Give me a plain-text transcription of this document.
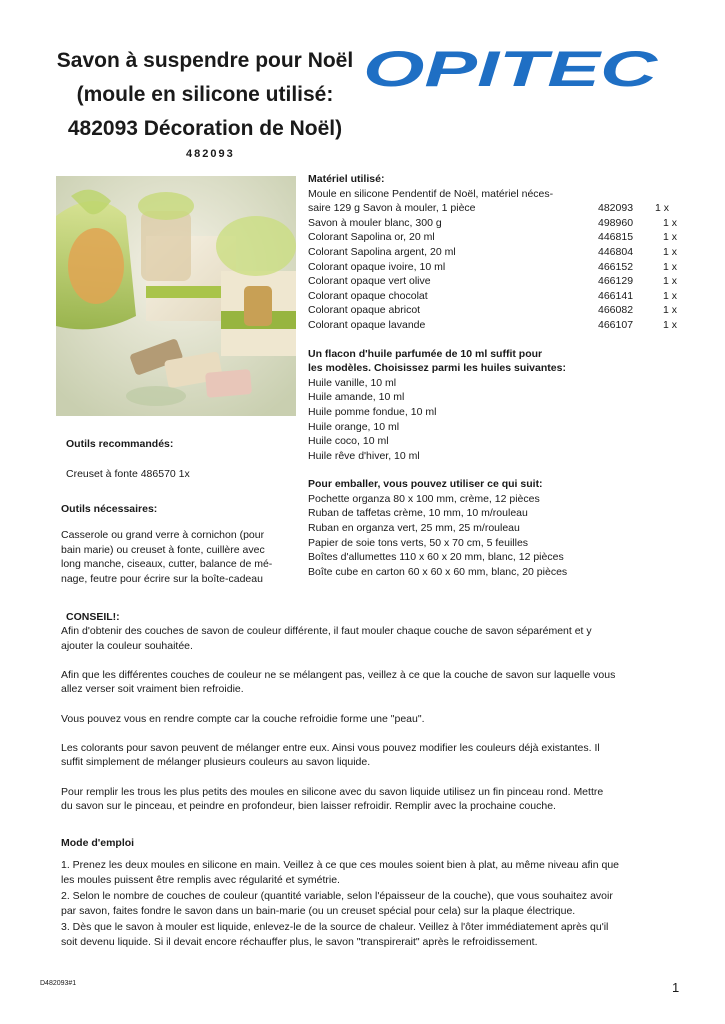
Savon à suspendre pour Noël
(moule en silicone utilisé:
482093 Décoration de Noël)
OPITEC
482093
Matériel utilisé:
Moule en silicone Pendentif de Noël, matériel néces-
saire 129 g Savon à mouler, 1 pièce	482093 1 x
Savon à mouler blanc, 300 g	498960	1 x
Colorant Sapolina or, 20 ml	446815	1 x
Colorant Sapolina argent, 20 ml	446804	1 x
Colorant opaque ivoire, 10 ml	466152	1 x
Colorant opaque vert olive	466129	1 x
Colorant opaque chocolat	466141	1 x
Colorant opaque abricot	466082	1 x
Colorant opaque lavande	466107	1 x
Un flacon d'huile parfumée de 10 ml suffit pour
les modèles. Choisissez parmi les huiles suivantes:
Huile vanille, 10 ml
Huile amande, 10 ml
Huile pomme fondue, 10 ml
Huile orange, 10 ml
Huile coco, 10 ml
Huile rêve d'hiver, 10 ml
Pour emballer, vous pouvez utiliser ce qui suit:
Pochette organza 80 x 100 mm, crème, 12 pièces
Ruban de taffetas crème, 10 mm, 10 m/rouleau
Ruban en organza vert, 25 mm, 25 m/rouleau
Papier de soie tons verts, 50 x 70 cm, 5 feuilles
Boîtes d'allumettes 110 x 60 x 20 mm, blanc, 12 pièces
Boîte cube en carton 60 x 60 x 60 mm, blanc, 20 pièces
Outils recommandés:
Creuset à fonte 486570 1x
Outils nécessaires:
Casserole ou grand verre à cornichon (pour
bain marie) ou creuset à fonte, cuillère avec
long manche, ciseaux, cutter, balance de mé-
nage, feutre pour écrire sur la boîte-cadeau
CONSEIL!:
Afin d'obtenir des couches de savon de couleur différente, il faut mouler chaque couche de savon séparément et y
ajouter la couleur souhaitée.
Afin que les différentes couches de couleur ne se mélangent pas, veillez à ce que la couche de savon sur laquelle vous
allez verser soit vraiment bien refroidie.
Vous pouvez vous en rendre compte car la couche refroidie forme une "peau".
Les colorants pour savon peuvent de mélanger entre eux. Ainsi vous pouvez modifier les couleurs déjà existantes. Il
suffit simplement de mélanger plusieurs couleurs au savon liquide.
Pour remplir les trous les plus petits des moules en silicone avec du savon liquide utilisez un fin pinceau rond. Mettre
du savon sur le pinceau, et peindre en profondeur, bien laisser refroidir. Remplir avec la prochaine couche.
Mode d'emploi
1. Prenez les deux moules en silicone en main. Veillez à ce que ces moules soient bien à plat, au même niveau afin que
les moules puissent être remplis avec régularité et symétrie.
2. Selon le nombre de couches de couleur (quantité variable, selon l'épaisseur de la couche), que vous souhaitez avoir
par savon, faites fondre le savon dans un bain-marie (ou un creuset spécial pour cela) sur la plaque électrique.
3. Dès que le savon à mouler est liquide, enlevez-le de la source de chaleur. Veillez à l'ôter immédiatement après qu'il
soit devenu liquide. Si il devait encore réchauffer plus, le savon "transpirerait" après le refroidissement.
D482093#1	1
